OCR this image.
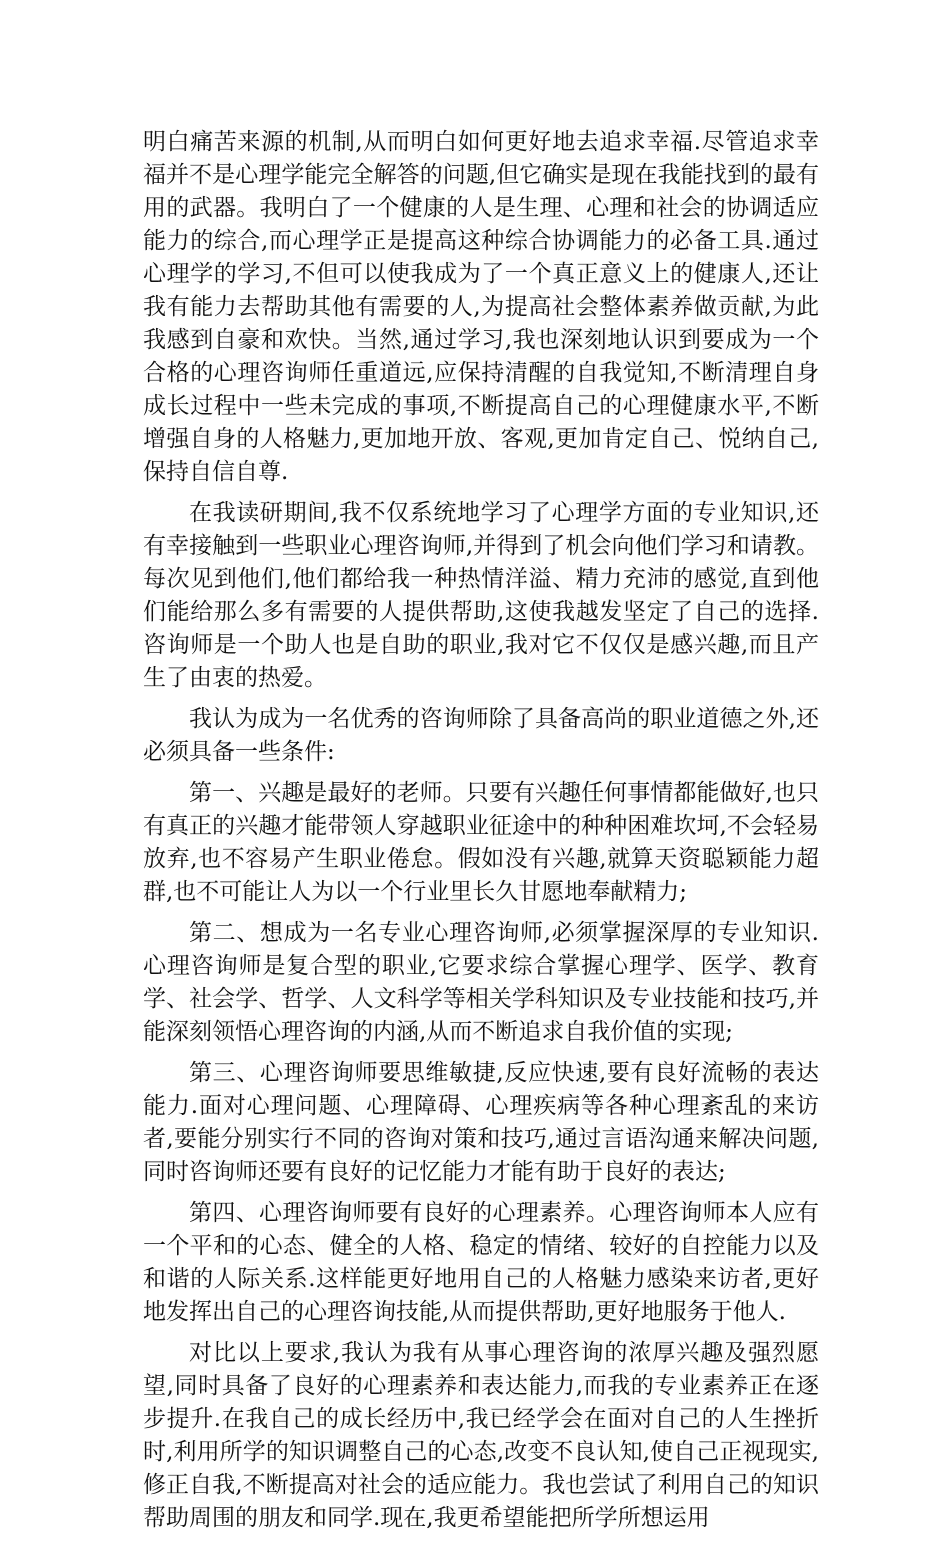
明白痛苦来源的机制,从而明白如何更好地去追求幸福.尽管追求幸福并不是心理学能完全解答的问题,但它确实是现在我能找到的最有用的武器。我明白了一个健康的人是生理、心理和社会的协调适应能力的综合,而心理学正是提高这种综合协调能力的必备工具.通过心理学的学习,不但可以使我成为了一个真正意义上的健康人,还让我有能力去帮助其他有需要的人,为提高社会整体素养做贡献,为此我感到自豪和欢快。当然,通过学习,我也深刻地认识到要成为一个合格的心理咨询师任重道远,应保持清醒的自我觉知,不断清理自身成长过程中一些未完成的事项,不断提高自己的心理健康水平,不断增强自身的人格魅力,更加地开放、客观,更加肯定自己、悦纳自己,保持自信自尊.

在我读研期间,我不仅系统地学习了心理学方面的专业知识,还有幸接触到一些职业心理咨询师,并得到了机会向他们学习和请教。每次见到他们,他们都给我一种热情洋溢、精力充沛的感觉,直到他们能给那么多有需要的人提供帮助,这使我越发坚定了自己的选择.咨询师是一个助人也是自助的职业,我对它不仅仅是感兴趣,而且产生了由衷的热爱。

我认为成为一名优秀的咨询师除了具备高尚的职业道德之外,还必须具备一些条件:

第一、兴趣是最好的老师。只要有兴趣任何事情都能做好,也只有真正的兴趣才能带领人穿越职业征途中的种种困难坎坷,不会轻易放弃,也不容易产生职业倦怠。假如没有兴趣,就算天资聪颖能力超群,也不可能让人为以一个行业里长久甘愿地奉献精力;

第二、想成为一名专业心理咨询师,必须掌握深厚的专业知识.心理咨询师是复合型的职业,它要求综合掌握心理学、医学、教育学、社会学、哲学、人文科学等相关学科知识及专业技能和技巧,并能深刻领悟心理咨询的内涵,从而不断追求自我价值的实现;

第三、心理咨询师要思维敏捷,反应快速,要有良好流畅的表达能力.面对心理问题、心理障碍、心理疾病等各种心理紊乱的来访者,要能分别实行不同的咨询对策和技巧,通过言语沟通来解决问题,同时咨询师还要有良好的记忆能力才能有助于良好的表达;

第四、心理咨询师要有良好的心理素养。心理咨询师本人应有一个平和的心态、健全的人格、稳定的情绪、较好的自控能力以及和谐的人际关系.这样能更好地用自己的人格魅力感染来访者,更好地发挥出自己的心理咨询技能,从而提供帮助,更好地服务于他人.

对比以上要求,我认为我有从事心理咨询的浓厚兴趣及强烈愿望,同时具备了良好的心理素养和表达能力,而我的专业素养正在逐步提升.在我自己的成长经历中,我已经学会在面对自己的人生挫折时,利用所学的知识调整自己的心态,改变不良认知,使自己正视现实,修正自我,不断提高对社会的适应能力。我也尝试了利用自己的知识帮助周围的朋友和同学.现在,我更希望能把所学所想运用
